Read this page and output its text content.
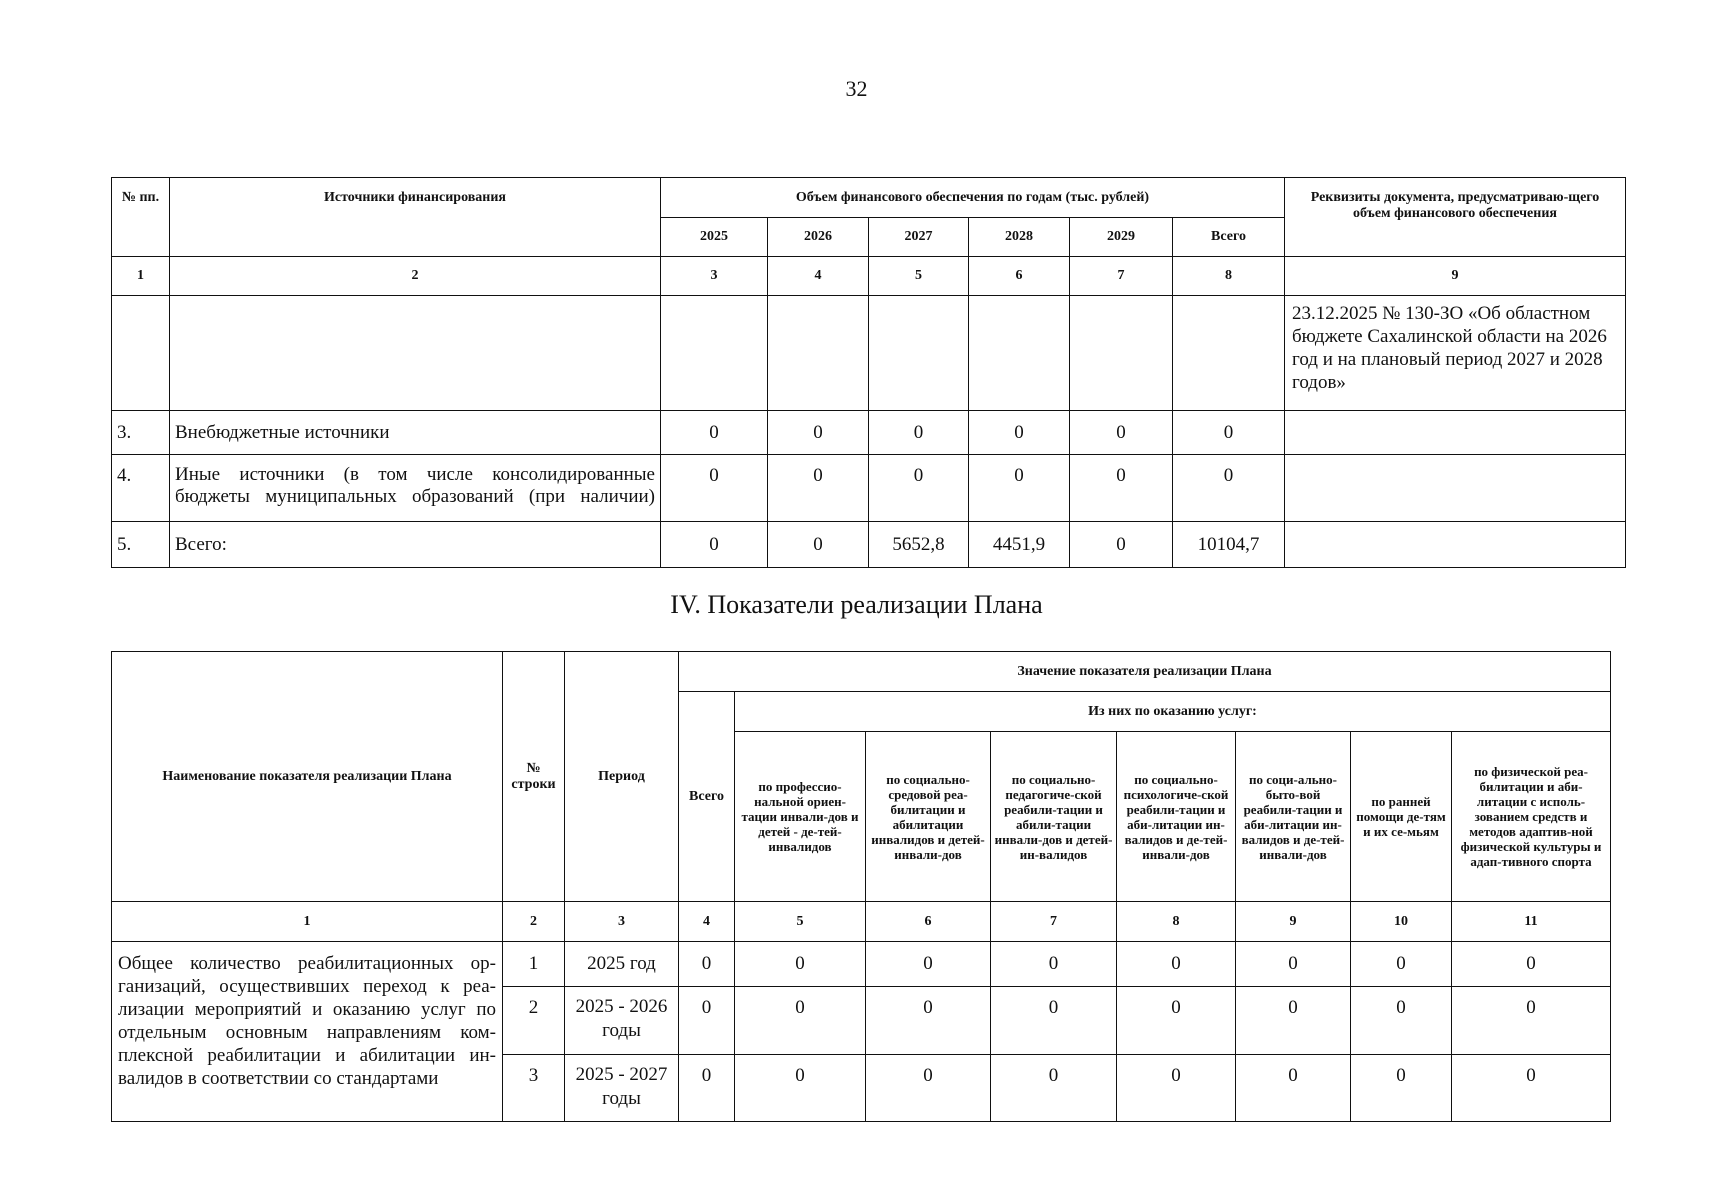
32
№ пп.	Источники финансирования	Объем финансового обеспечения по годам (тыс. рублей)						Реквизиты документа, предусматриваю-щего объем финансового обеспечения
		2025	2026	2027	2028	2029	Всего	
1	2	3	4	5	6	7	8	9
								23.12.2025 № 130-ЗО «Об областном бюджете Сахалинской области на 2026 год и на плановый период 2027 и 2028 годов»
3.	Внебюджетные источники	0	0	0	0	0	0	
4.	Иные источники (в том числе консолидированные бюджеты муниципальных образований (при наличии)	0	0	0	0	0	0	
5.	Всего:	0	0	5652,8	4451,9	0	10104,7	
IV. Показатели реализации Плана
Наименование показателя реализации Плана	№ строки	Период	Значение показателя реализации Плана							
			Всего	Из них по оказанию услуг:						
				по профессио-нальной ориен-тации инвали-дов и детей - де-тей-инвалидов	по социально-средовой реа-билитации и абилитации инвалидов и детей-инвали-дов	по социально-педагогиче-ской реабили-тации и абили-тации инвали-дов и детей-ин-валидов	по социально-психологиче-ской реабили-тации и аби-литации ин-валидов и де-тей-инвали-дов	по соци-ально-быто-вой реабили-тации и аби-литации ин-валидов и де-тей-инвали-дов	по ранней помощи де-тям и их се-мьям	по физической реа-билитации и аби-литации с исполь-зованием средств и методов адаптив-ной физической культуры и адап-тивного спорта
1	2	3	4	5	6	7	8	9	10	11
Общее количество реабилитационных ор-ганизаций, осуществивших переход к реа-лизации мероприятий и оказанию услуг по отдельным основным направлениям ком-плексной реабилитации и абилитации ин-валидов в соответствии со стандартами	1	2025 год	0	0	0	0	0	0	0	0
	2	2025 - 2026 годы	0	0	0	0	0	0	0	0
	3	2025 - 2027 годы	0	0	0	0	0	0	0	0
